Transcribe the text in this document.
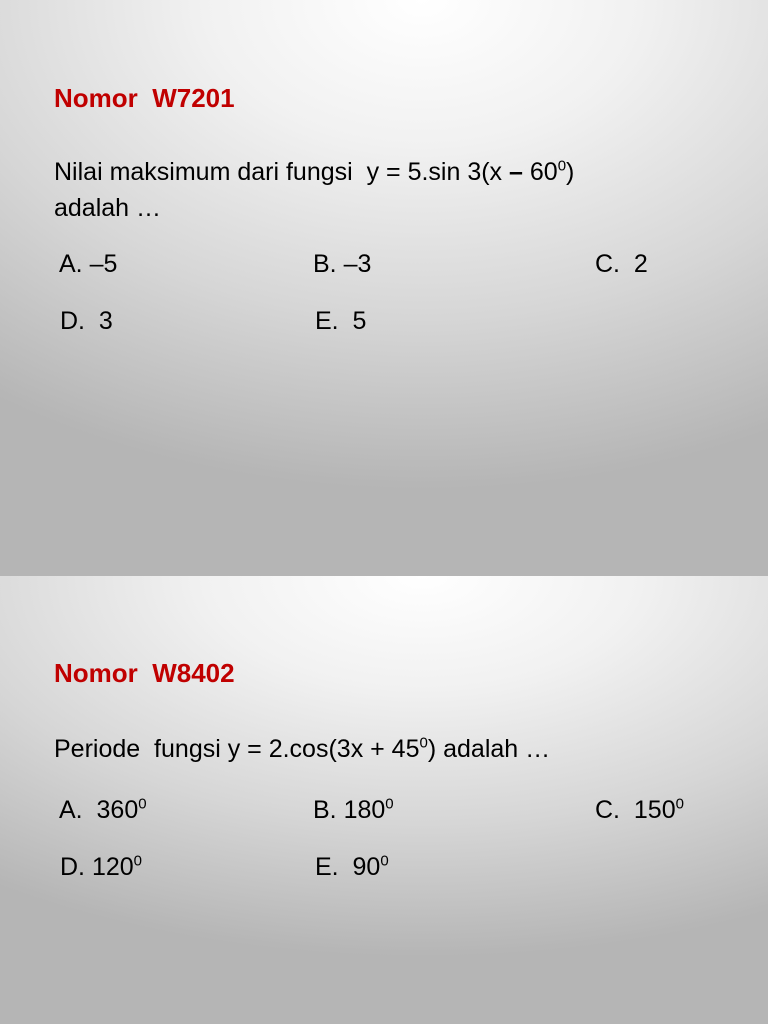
Nomor  W7201

Nilai maksimum dari fungsi  y = 5.sin $3(x - 60^0)$
adalah …

A. –5	B. –3	C.  2

D.  3	E.  5

Nomor  W8402

Periode  fungsi $y = 2.\cos(3x + 45^0)$ adalah …

A.  $360^0$	B. $180^0$	C.  $150^0$

D. $120^0$	E.  $90^0$
